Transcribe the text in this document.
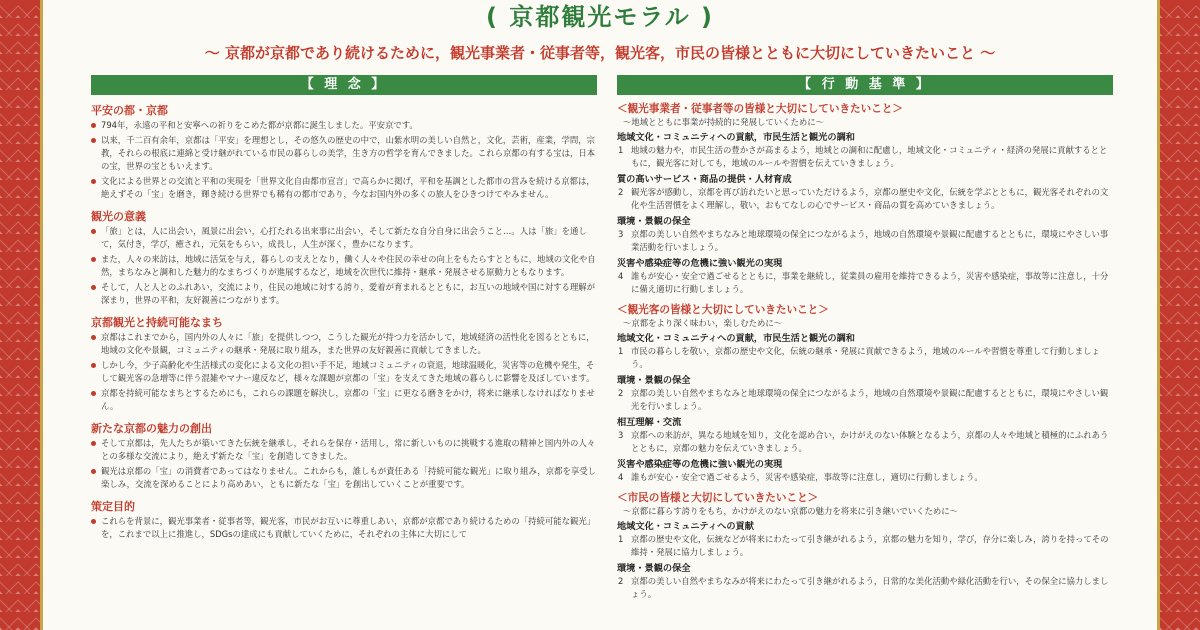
( 京都観光モラル )
〜 京都が京都であり続けるために，観光事業者・従事者等，観光客，市民の皆様とともに大切にしていきたいこと 〜
【 理 念 】
平安の都・京都
794年，永遠の平和と安寧への祈りをこめた都が京都に誕生しました。平安京です。
以来，千二百有余年，京都は「平安」を理想とし，その悠久の歴史の中で，山紫水明の美しい自然と，文化，芸術，産業，学問，宗教，それらの根底に連綿と受け継がれている市民の暮らしの美学，生き方の哲学を育んできました。これら京都の有する宝は，日本の宝，世界の宝ともいえます。
文化による世界との交流と平和の実現を「世界文化自由都市宣言」で高らかに掲げ，平和を基調とした都市の営みを続ける京都は，絶えずその「宝」を磨き，輝き続ける世界でも稀有の都市であり，今なお国内外の多くの旅人をひきつけてやみません。
観光の意義
「旅」とは，人に出会い，風景に出会い，心打たれる出来事に出会い，そして新たな自分自身に出会うこと…。人は「旅」を通して，気付き，学び，癒され，元気をもらい，成長し，人生が深く，豊かになります。
また，人々の来訪は，地域に活気を与え，暮らしの支えとなり，働く人々や住民の幸せの向上をもたらすとともに，地域の文化や自然，まちなみと調和した魅力的なまちづくりが進展するなど，地域を次世代に維持・継承・発展させる原動力ともなります。
そして，人と人とのふれあい，交流により，住民の地域に対する誇り，愛着が育まれるとともに，お互いの地域や国に対する理解が深まり，世界の平和，友好親善につながります。
京都観光と持続可能なまち
京都はこれまでから，国内外の人々に「旅」を提供しつつ，こうした観光が持つ力を活かして，地域経済の活性化を図るとともに，地域の文化や景観，コミュニティの継承・発展に取り組み，また世界の友好親善に貢献してきました。
しかし今，少子高齢化や生活様式の変化による文化の担い手不足，地域コミュニティの衰退，地球温暖化，災害等の危機や発生，そして観光客の急増等に伴う混雑やマナー違反など，様々な課題が京都の「宝」を支えてきた地域の暮らしに影響を及ぼしています。
京都を持続可能なまちとするためにも，これらの課題を解決し，京都の「宝」に更なる磨きをかけ，将来に継承しなければなりません。
新たな京都の魅力の創出
そして京都は，先人たちが築いてきた伝統を継承し，それらを保存・活用し，常に新しいものに挑戦する進取の精神と国内外の人々との多様な交流により，絶えず新たな「宝」を創造してきました。
観光は京都の「宝」の消費者であってはなりません。これからも，誰しもが責任ある「持続可能な観光」に取り組み，京都を享受し楽しみ，交流を深めることにより高めあい，ともに新たな「宝」を創出していくことが重要です。
策定目的
これらを背景に，観光事業者・従事者等，観光客，市民がお互いに尊重しあい，京都が京都であり続けるための「持続可能な観光」を，これまで以上に推進し，SDGsの達成にも貢献していくために，それぞれの主体に大切にして
【 行 動 基 準 】
＜観光事業者・従事者等の皆様と大切にしていきたいこと＞
〜地域とともに事業が持続的に発展していくために〜
地域文化・コミュニティへの貢献，市民生活と観光の調和
1 地域の魅力や，市民生活の豊かさが高まるよう，地域との調和に配慮し，地域文化・コミュニティ・経済の発展に貢献するとともに，観光客に対しても，地域のルールや習慣を伝えていきましょう。
質の高いサービス・商品の提供・人材育成
2 観光客が感動し，京都を再び訪れたいと思っていただけるよう，京都の歴史や文化，伝統を学ぶとともに，観光客それぞれの文化や生活習慣をよく理解し，敬い，おもてなしの心でサービス・商品の質を高めていきましょう。
環境・景観の保全
3 京都の美しい自然やまちなみと地球環境の保全につながるよう，地域の自然環境や景観に配慮するとともに，環境にやさしい事業活動を行いましょう。
災害や感染症等の危機に強い観光の実現
4 誰もが安心・安全で過ごせるとともに，事業を継続し，従業員の雇用を維持できるよう，災害や感染症，事故等に注意し，十分に備え適切に行動しましょう。
＜観光客の皆様と大切にしていきたいこと＞
〜京都をより深く味わい，楽しむために〜
地域文化・コミュニティへの貢献，市民生活と観光の調和
1 市民の暮らしを敬い，京都の歴史や文化，伝統の継承・発展に貢献できるよう，地域のルールや習慣を尊重して行動しましょう。
環境・景観の保全
2 京都の美しい自然やまちなみと地球環境の保全につながるよう，地域の自然環境や景観に配慮するとともに，環境にやさしい観光を行いましょう。
相互理解・交流
3 京都への来訪が，異なる地域を知り，文化を認め合い，かけがえのない体験となるよう，京都の人々や地域と積極的にふれあうとともに，京都の魅力を伝えていきましょう。
災害や感染症等の危機に強い観光の実現
4 誰もが安心・安全で過ごせるよう，災害や感染症，事故等に注意し，適切に行動しましょう。
＜市民の皆様と大切にしていきたいこと＞
〜京都に暮らす誇りをもち，かけがえのない京都の魅力を将来に引き継いでいくために〜
地域文化・コミュニティへの貢献
1 京都の歴史や文化，伝統などが将来にわたって引き継がれるよう，京都の魅力を知り，学び，存分に楽しみ，誇りを持ってその維持・発展に協力しましょう。
環境・景観の保全
2 京都の美しい自然やまちなみが将来にわたって引き継がれるよう，日常的な美化活動や緑化活動を行い，その保全に協力しましょう。
